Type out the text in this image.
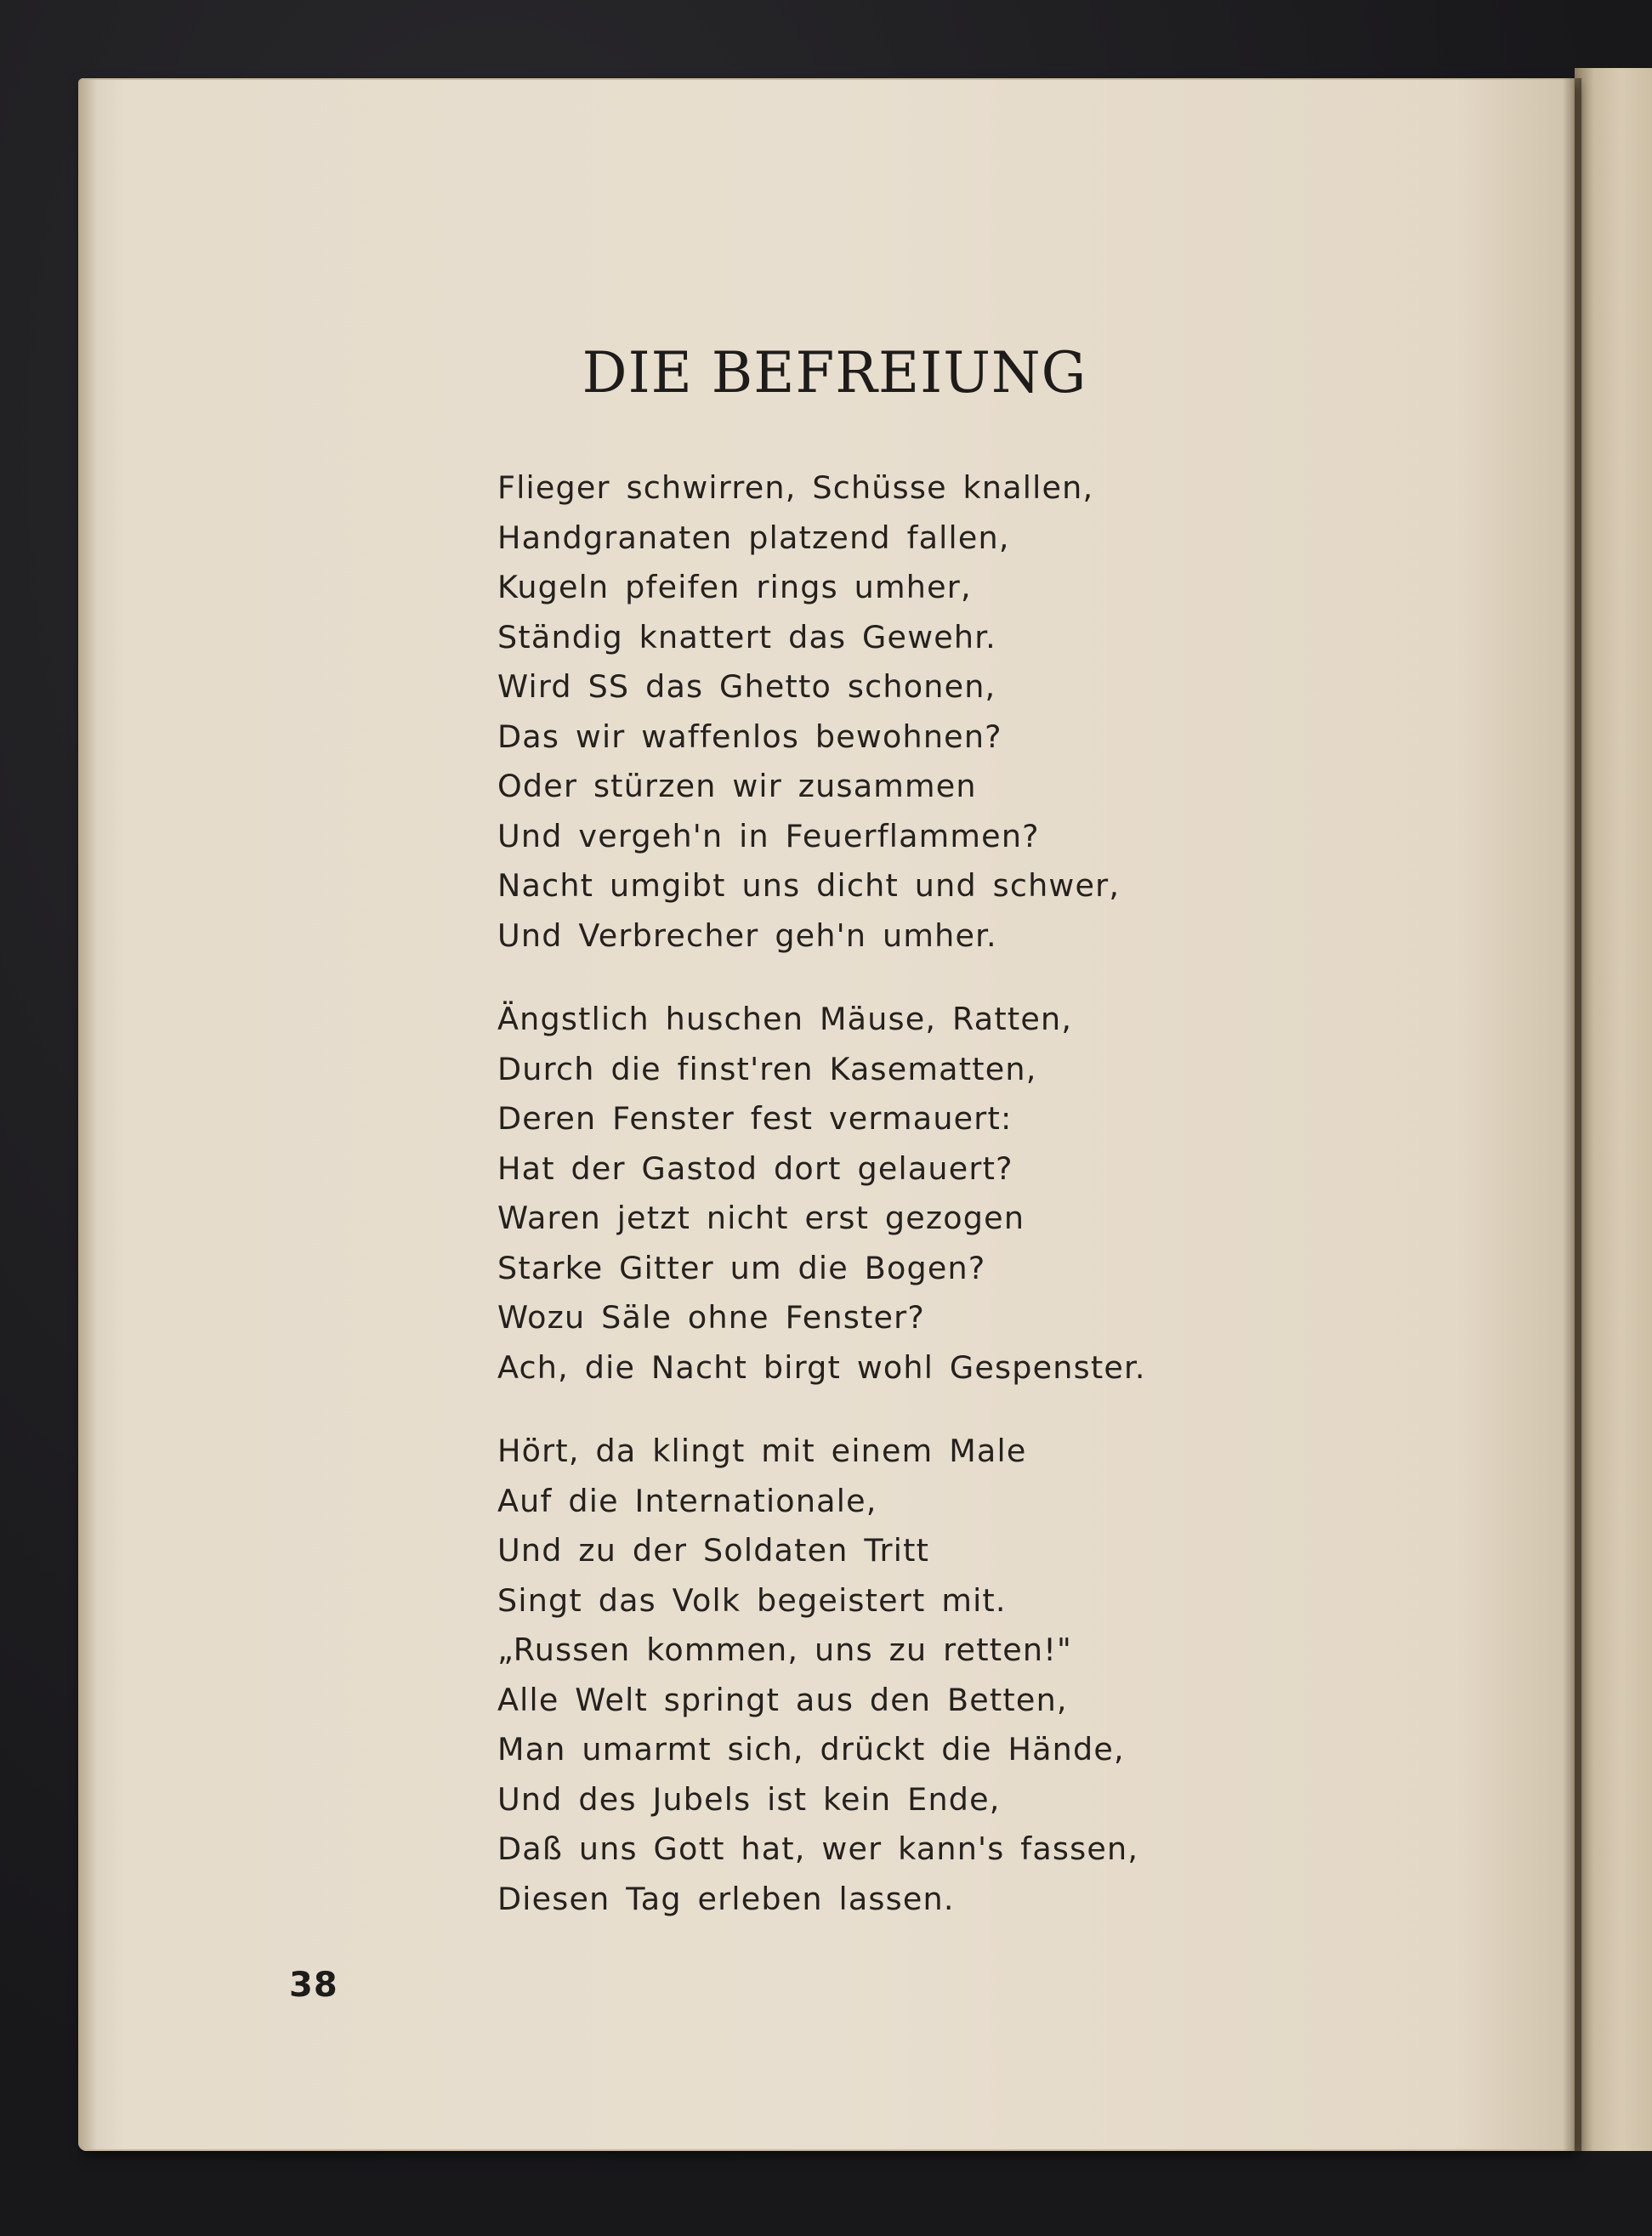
DIE BEFREIUNG
Flieger schwirren, Schüsse knallen,
Handgranaten platzend fallen,
Kugeln pfeifen rings umher,
Ständig knattert das Gewehr.
Wird SS das Ghetto schonen,
Das wir waffenlos bewohnen?
Oder stürzen wir zusammen
Und vergeh'n in Feuerflammen?
Nacht umgibt uns dicht und schwer,
Und Verbrecher geh'n umher.
Ängstlich huschen Mäuse, Ratten,
Durch die finst'ren Kasematten,
Deren Fenster fest vermauert:
Hat der Gastod dort gelauert?
Waren jetzt nicht erst gezogen
Starke Gitter um die Bogen?
Wozu Säle ohne Fenster?
Ach, die Nacht birgt wohl Gespenster.
Hört, da klingt mit einem Male
Auf die Internationale,
Und zu der Soldaten Tritt
Singt das Volk begeistert mit.
„Russen kommen, uns zu retten!"
Alle Welt springt aus den Betten,
Man umarmt sich, drückt die Hände,
Und des Jubels ist kein Ende,
Daß uns Gott hat, wer kann's fassen,
Diesen Tag erleben lassen.
38
